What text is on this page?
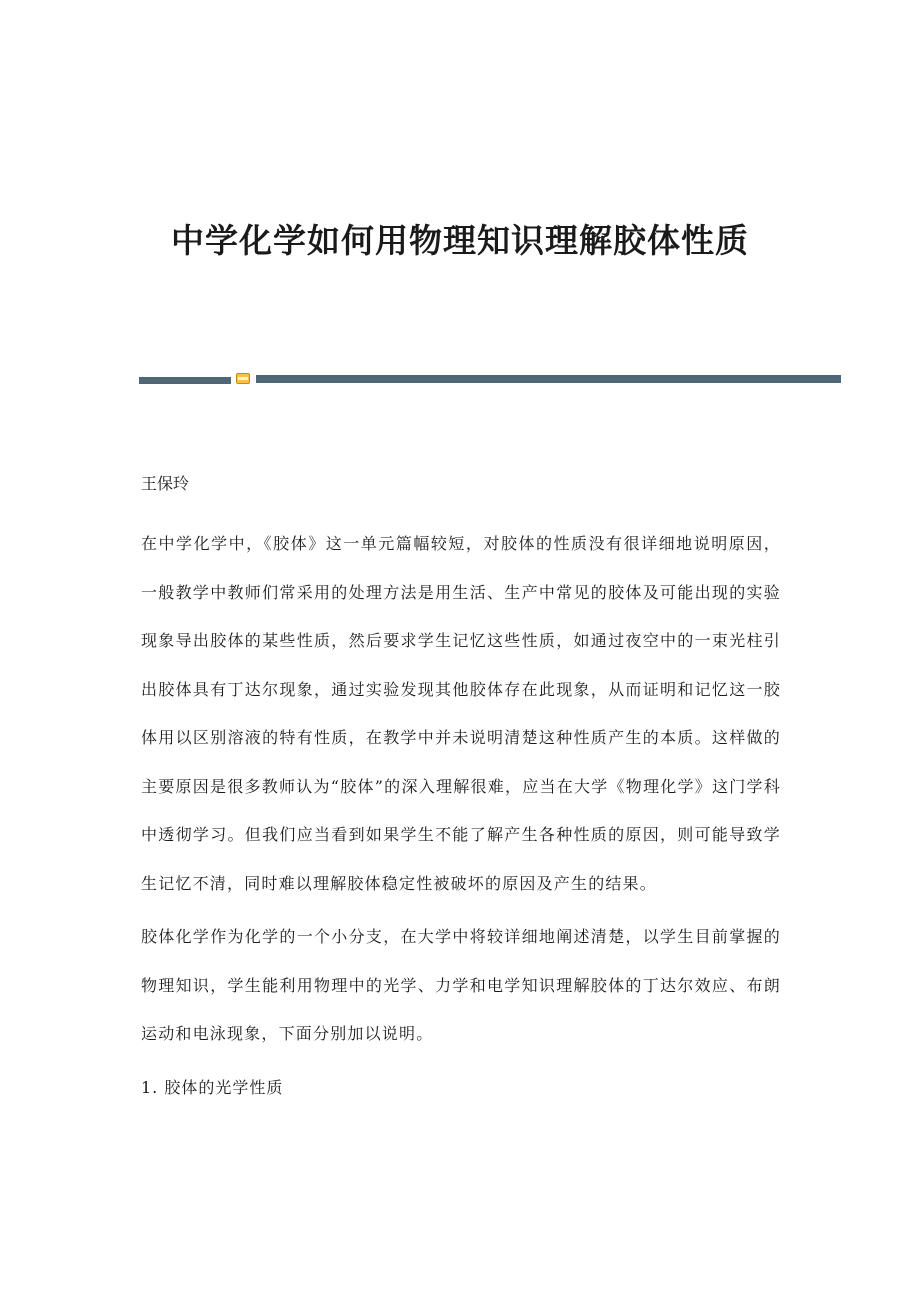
中学化学如何用物理知识理解胶体性质

王保玲

在中学化学中，《胶体》这一单元篇幅较短，对胶体的性质没有很详细地说明原因，一般教学中教师们常采用的处理方法是用生活、生产中常见的胶体及可能出现的实验现象导出胶体的某些性质，然后要求学生记忆这些性质，如通过夜空中的一束光柱引出胶体具有丁达尔现象，通过实验发现其他胶体存在此现象，从而证明和记忆这一胶体用以区别溶液的特有性质，在教学中并未说明清楚这种性质产生的本质。这样做的主要原因是很多教师认为“胶体”的深入理解很难，应当在大学《物理化学》这门学科中透彻学习。但我们应当看到如果学生不能了解产生各种性质的原因，则可能导致学生记忆不清，同时难以理解胶体稳定性被破坏的原因及产生的结果。

胶体化学作为化学的一个小分支，在大学中将较详细地阐述清楚，以学生目前掌握的物理知识，学生能利用物理中的光学、力学和电学知识理解胶体的丁达尔效应、布朗运动和电泳现象，下面分别加以说明。

1. 胶体的光学性质
